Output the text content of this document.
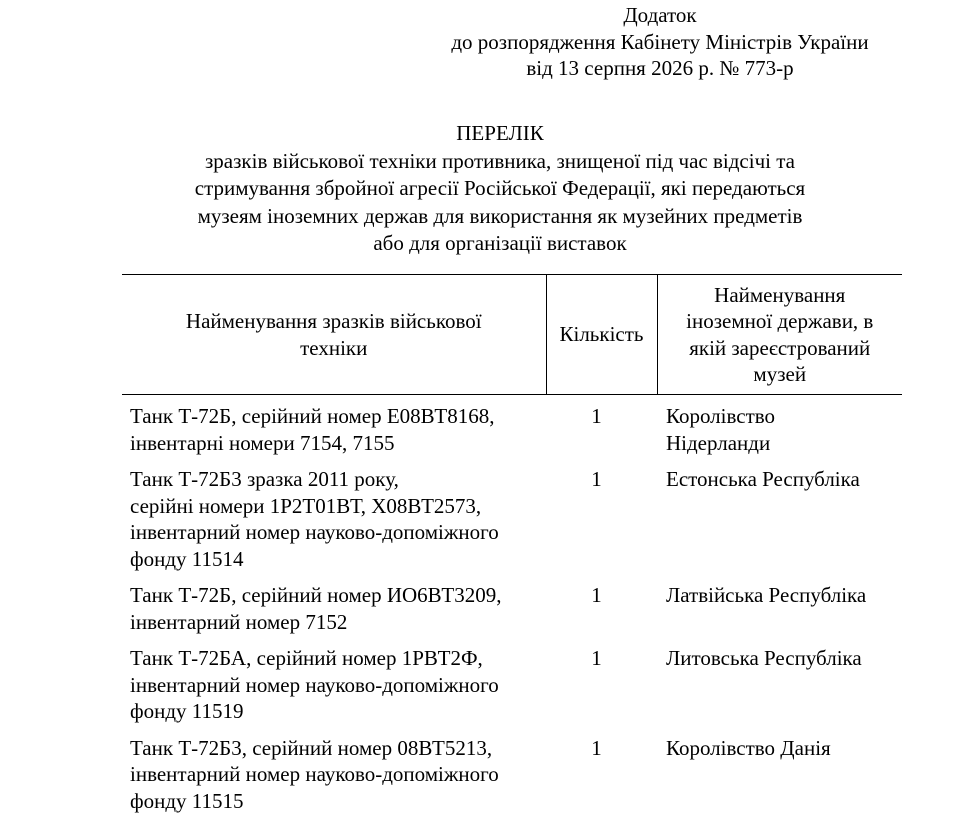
Додаток
до розпорядження Кабінету Міністрів України
від 13 серпня 2026 р. № 773-р
ПЕРЕЛІК
зразків військової техніки противника, знищеної під час відсічі та
стримування збройної агресії Російської Федерації, які передаються
музеям іноземних держав для використання як музейних предметів
або для організації виставок
Найменування зразків військової техніки	Кількість	Найменування іноземної держави, в якій зареєстрований музей

Танк Т-72Б, серійний номер Е08ВТ8168,
інвентарні номери 7154, 7155	1	Королівство
Нідерланди

Танк Т-72Б3 зразка 2011 року,
серійні номери 1Р2Т01ВТ, Х08ВТ2573,
інвентарний номер науково-допоміжного
фонду 11514	1	Естонська Республіка

Танк Т-72Б, серійний номер ИО6ВТ3209,
інвентарний номер 7152	1	Латвійська Республіка

Танк Т-72БА, серійний номер 1РВТ2Ф,
інвентарний номер науково-допоміжного
фонду 11519	1	Литовська Республіка

Танк Т-72Б3, серійний номер 08ВТ5213,
інвентарний номер науково-допоміжного
фонду 11515	1	Королівство Данія
